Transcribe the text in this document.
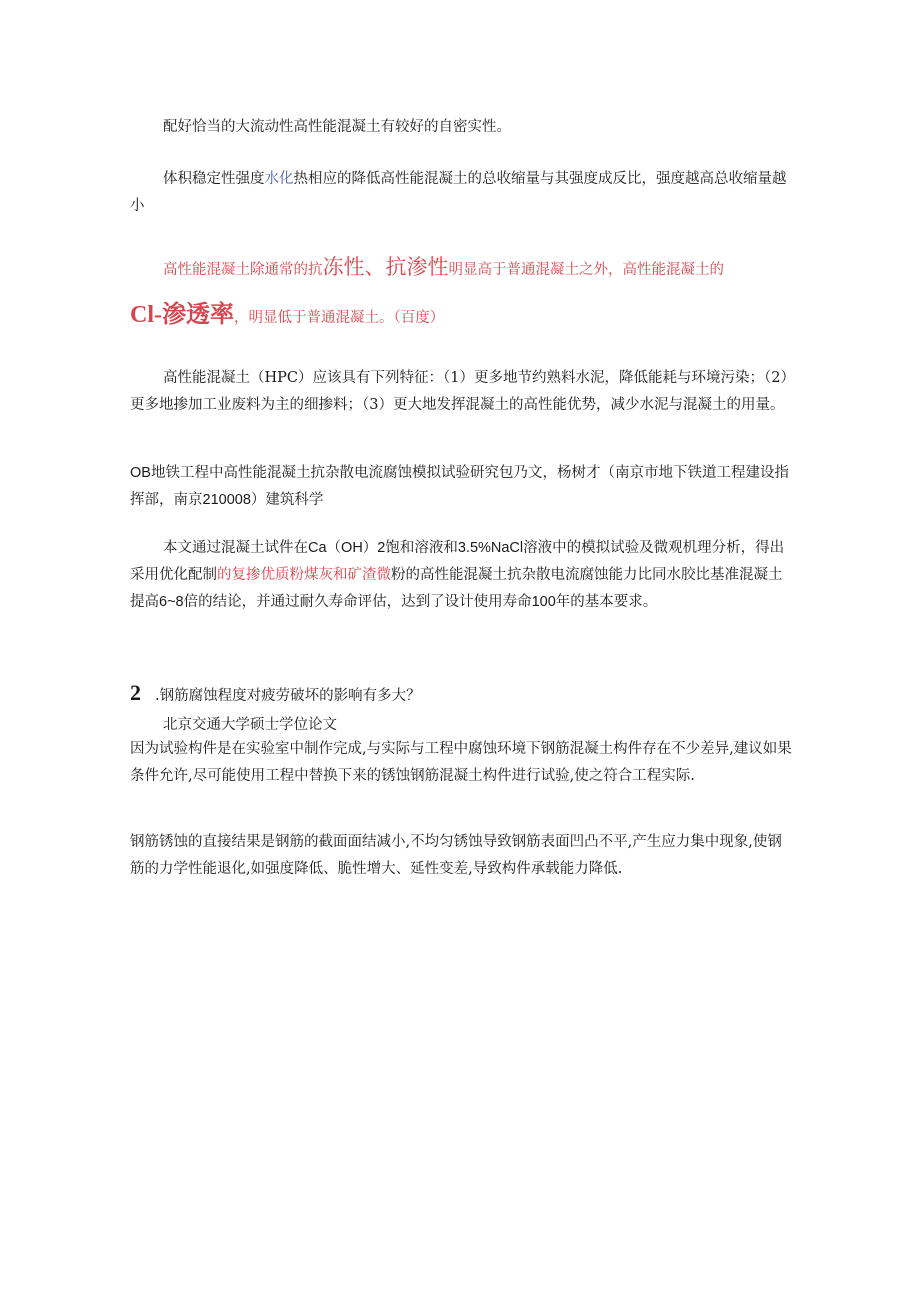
配好恰当的大流动性高性能混凝土有较好的自密实性。

体积稳定性强度水化热相应的降低高性能混凝土的总收缩量与其强度成反比，强度越高总收缩量越小

高性能混凝土除通常的抗冻性、抗渗性明显高于普通混凝土之外，高性能混凝土的

Cl-渗透率，明显低于普通混凝土。（百度）

高性能混凝土（HPC）应该具有下列特征：（1）更多地节约熟料水泥，降低能耗与环境污染；（2）更多地掺加工业废料为主的细掺料；（3）更大地发挥混凝土的高性能优势，减少水泥与混凝土的用量。

OB地铁工程中高性能混凝土抗杂散电流腐蚀模拟试验研究包乃文，杨树才（南京市地下铁道工程建设指挥部，南京210008）建筑科学

本文通过混凝土试件在Ca（OH）2饱和溶液和3.5%NaCl溶液中的模拟试验及微观机理分析，得出采用优化配制的复掺优质粉煤灰和矿渣微粉的高性能混凝土抗杂散电流腐蚀能力比同水胶比基准混凝土提高6~8倍的结论，并通过耐久寿命评估，达到了设计使用寿命100年的基本要求。

2 .钢筋腐蚀程度对疲劳破坏的影响有多大？

北京交通大学硕士学位论文

因为试验构件是在实验室中制作完成,与实际与工程中腐蚀环境下钢筋混凝土构件存在不少差异,建议如果条件允许,尽可能使用工程中替换下来的锈蚀钢筋混凝土构件进行试验,使之符合工程实际.

钢筋锈蚀的直接结果是钢筋的截面面结减小,不均匀锈蚀导致钢筋表面凹凸不平,产生应力集中现象,使钢筋的力学性能退化,如强度降低、脆性增大、延性变差,导致构件承载能力降低.
